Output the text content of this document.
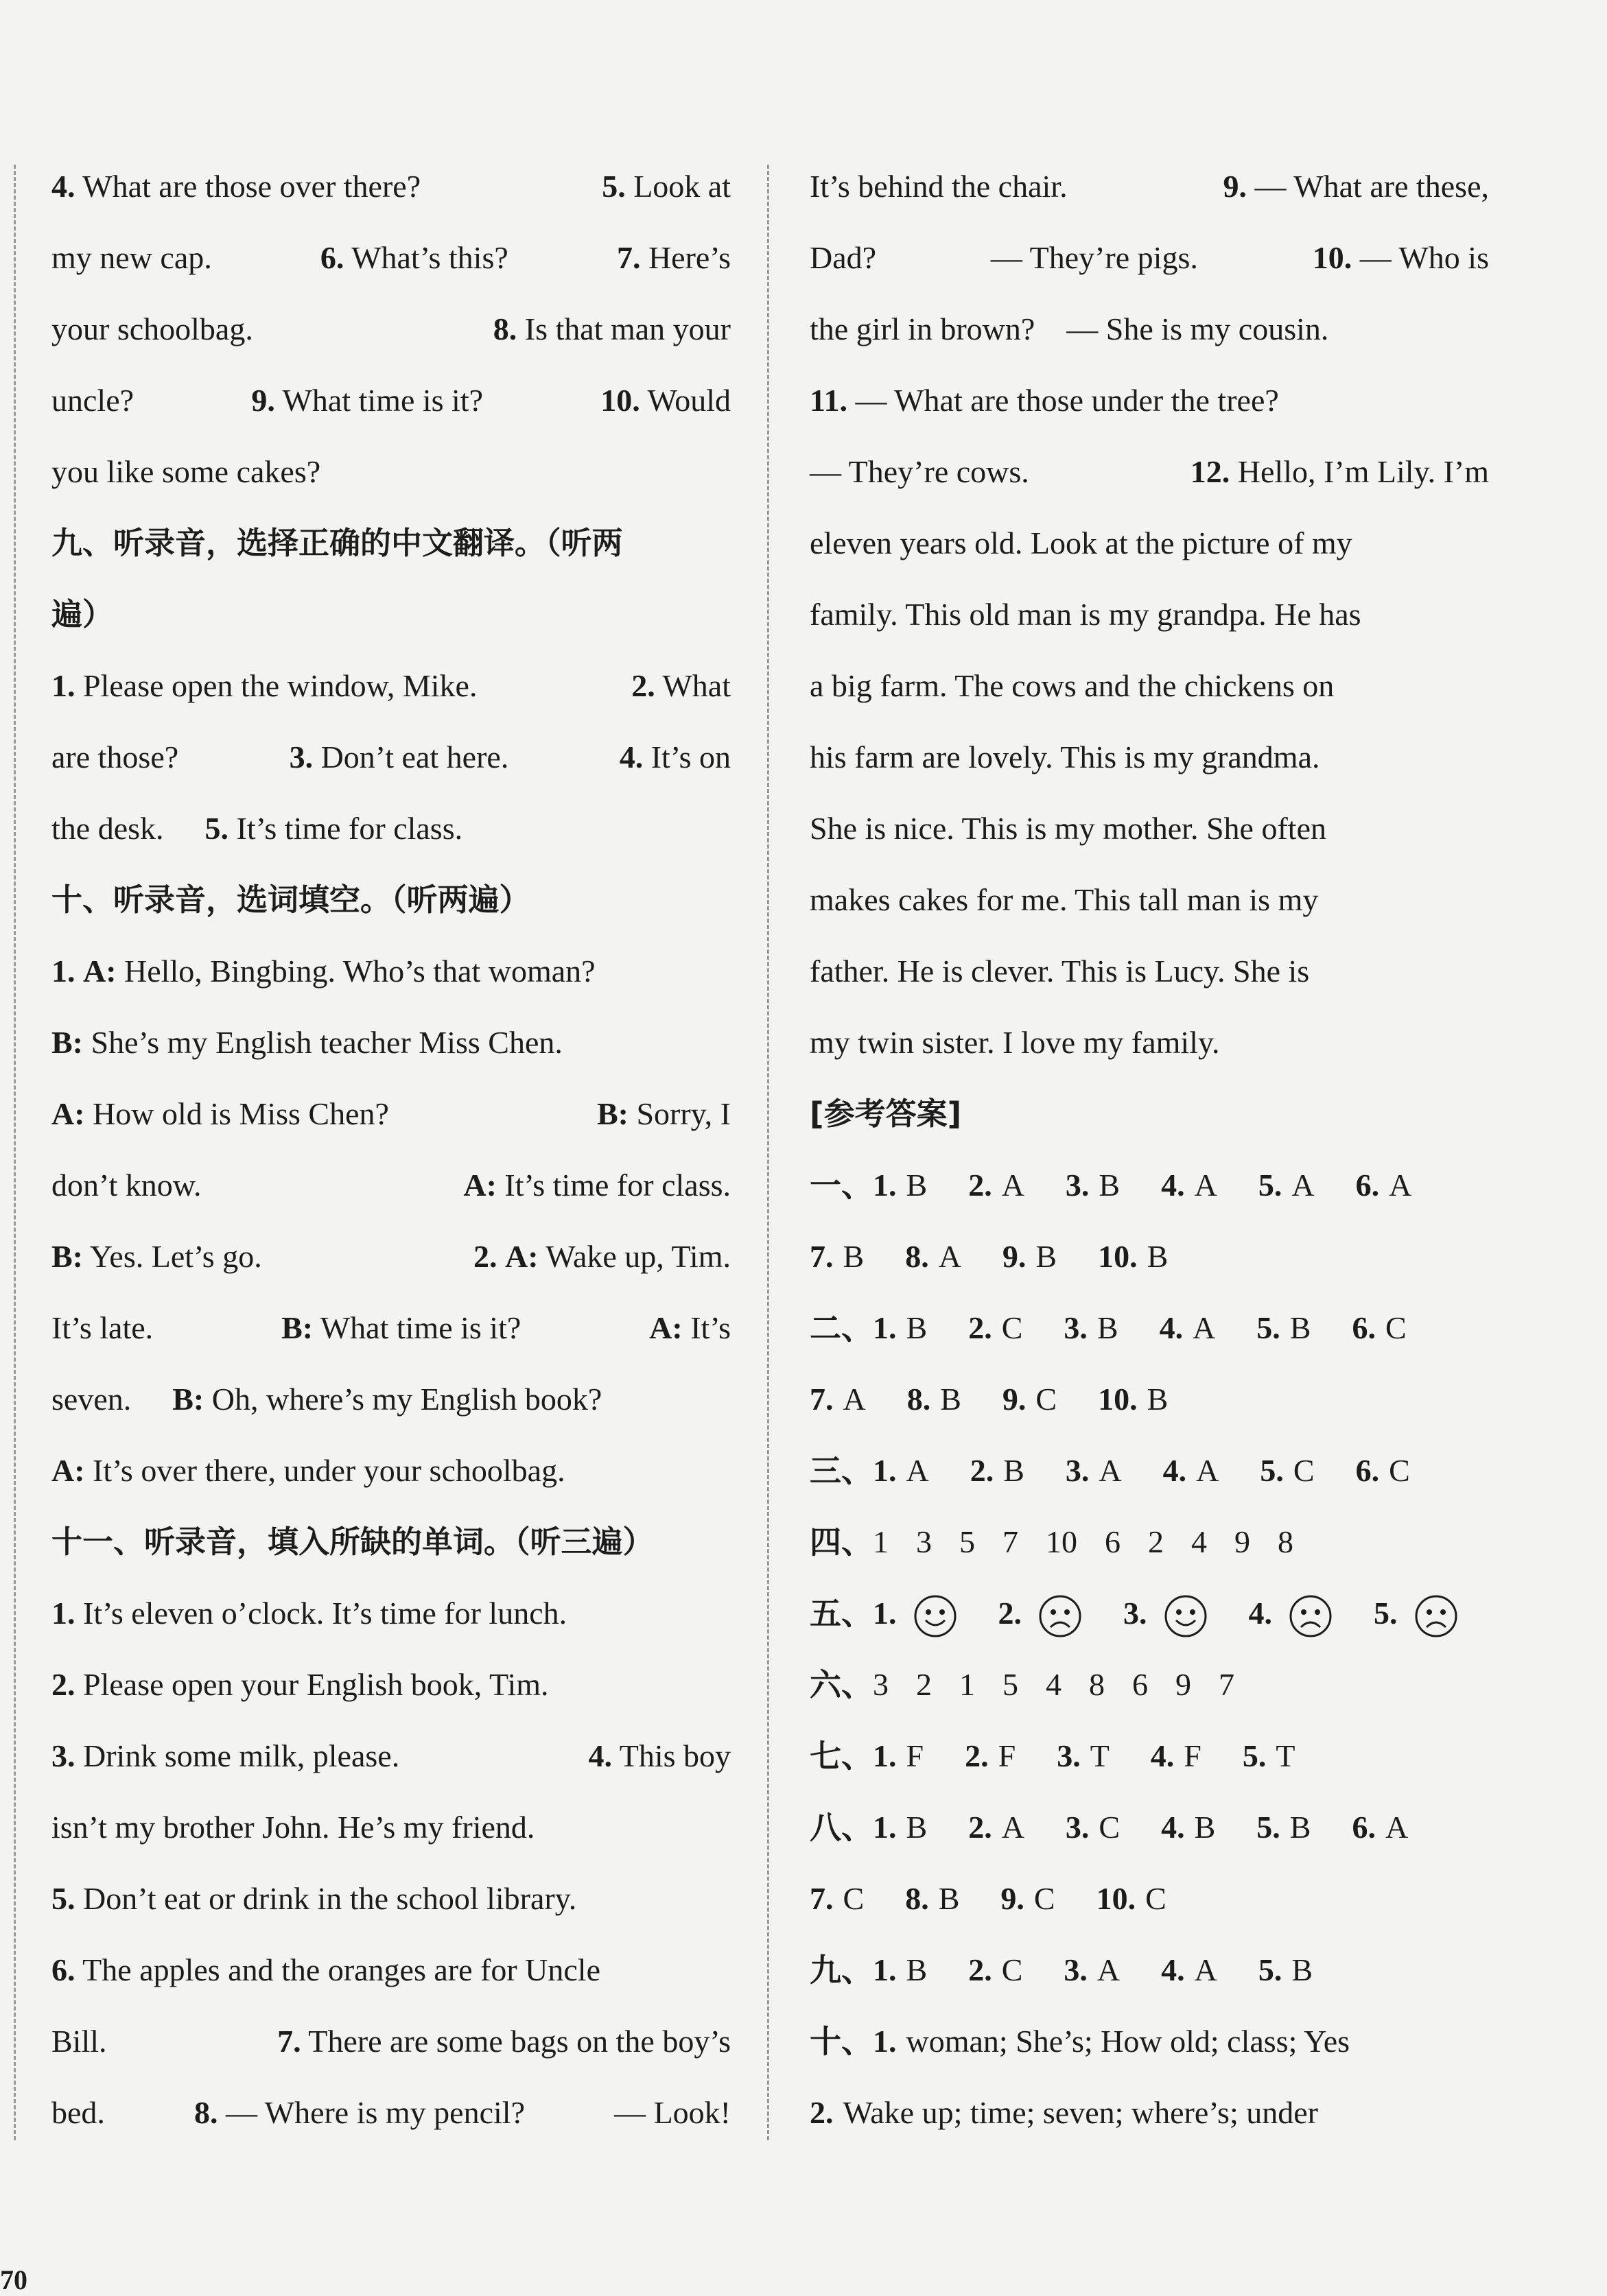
4. What are those over there?	5. Look at
my new cap.	6. What’s this?	7. Here’s
your schoolbag.	8. Is that man your
uncle?	9. What time is it?	10. Would
you like some cakes?
九、听录音，选择正确的中文翻译。（听两
遍）
1. Please open the window, Mike.	2. What
are those?	3. Don’t eat here.	4. It’s on
the desk. 5. It’s time for class.
十、听录音，选词填空。（听两遍）
1. A: Hello, Bingbing. Who’s that woman?
B: She’s my English teacher Miss Chen.
A: How old is Miss Chen?	B: Sorry, I
don’t know.	A: It’s time for class.
B: Yes. Let’s go.	2. A: Wake up, Tim.
It’s late.	B: What time is it?	A: It’s
seven. B: Oh, where’s my English book?
A: It’s over there, under your schoolbag.
十一、听录音，填入所缺的单词。（听三遍）
1. It’s eleven o’clock. It’s time for lunch.
2. Please open your English book, Tim.
3. Drink some milk, please.	4. This boy
isn’t my brother John. He’s my friend.
5. Don’t eat or drink in the school library.
6. The apples and the oranges are for Uncle
Bill.	7. There are some bags on the boy’s
bed.	8. — Where is my pencil?	— Look!
It’s behind the chair.	9. — What are these,
Dad?	— They’re pigs.	10. — Who is
the girl in brown?    — She is my cousin.
11. — What are those under the tree?
— They’re cows.	12. Hello, I’m Lily. I’m
eleven years old. Look at the picture of my
family. This old man is my grandpa. He has
a big farm. The cows and the chickens on
his farm are lovely. This is my grandma.
She is nice. This is my mother. She often
makes cakes for me. This tall man is my
father. He is clever. This is Lucy. She is
my twin sister. I love my family.
[参考答案]
一、 1. B 2. A 3. B 4. A 5. A 6. A
7. B 8. A 9. B 10. B
二、 1. B 2. C 3. B 4. A 5. B 6. C
7. A 8. B 9. C 10. B
三、 1. A 2. B 3. A 4. A 5. C 6. C
四、 1 3 5 7 10 6 2 4 9 8
五、 1.	2.	3.	4.	5.
六、 3 2 1 5 4 8 6 9 7
七、 1. F 2. F 3. T 4. F 5. T
八、 1. B 2. A 3. C 4. B 5. B 6. A
7. C 8. B 9. C 10. C
九、 1. B 2. C 3. A 4. A 5. B
十、 1. woman; She’s; How old; class; Yes
2. Wake up; time; seven; where’s; under
70
